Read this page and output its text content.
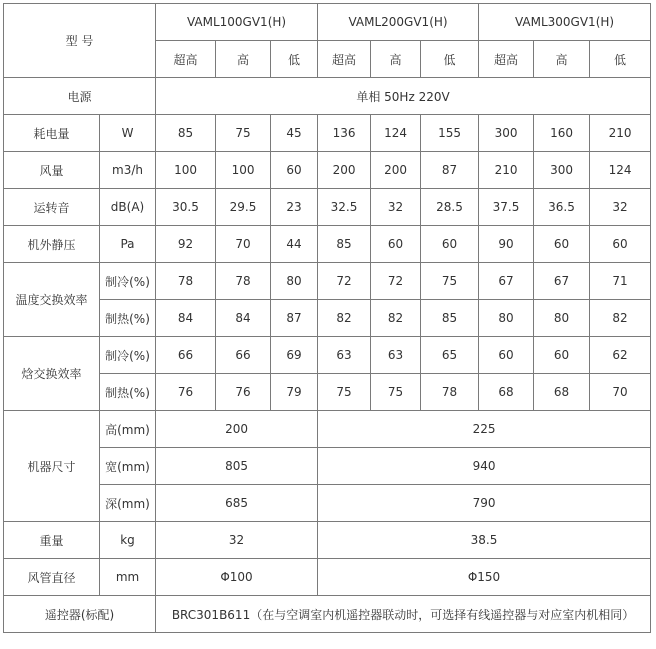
型 号		VAML100GV1(H)			VAML200GV1(H)			VAML300GV1(H)		
		超高	高	低	超高	高	低	超高	高	低
电源		单相 50Hz 220V								
耗电量	W	85	75	45	136	124	155	300	160	210
风量	m3/h	100	100	60	200	200	87	210	300	124
运转音	dB(A)	30.5	29.5	23	32.5	32	28.5	37.5	36.5	32
机外静压	Pa	92	70	44	85	60	60	90	60	60
温度交换效率	制冷(%)	78	78	80	72	72	75	67	67	71
	制热(%)	84	84	87	82	82	85	80	80	82
焓交换效率	制冷(%)	66	66	69	63	63	65	60	60	62
	制热(%)	76	76	79	75	75	78	68	68	70
机器尺寸	高(mm)	200			225					
	宽(mm)	805			940					
	深(mm)	685			790					
重量	kg	32			38.5					
风管直径	mm	Φ100			Φ150					
遥控器(标配)		BRC301B611（在与空调室内机遥控器联动时，可选择有线遥控器与对应室内机相同）								
